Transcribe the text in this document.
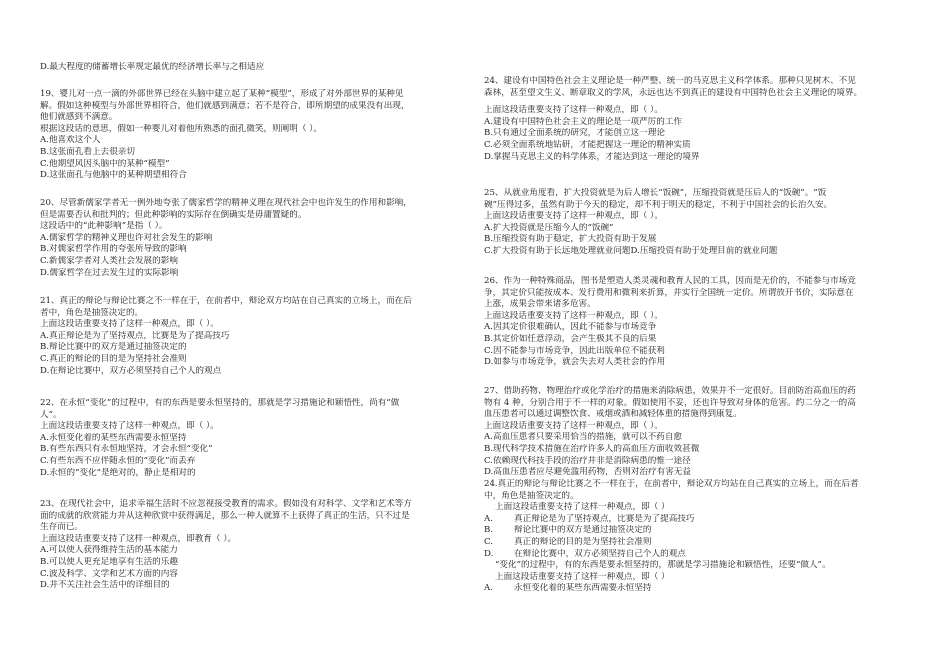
D.最大程度的储蓄增长率规定最优的经济增长率与之相适应
19、婴儿对一点一滴的外部世界已经在头脑中建立起了某种“模型”，形成了对外部世界的某种见
解。假如这种模型与外部世界相符合，他们就感到满意；若不是符合，即所期望的成果没有出现，
他们就感到不满意。
根据这段话的意思，假如一种婴儿对着他所熟悉的面孔微笑，则阐明（ ）。
A.他喜欢这个人
B.这张面孔看上去很亲切
C.他期望风因头脑中的某种“模型”
D.这张面孔与他脑中的某种期望相符合
20、尽管新儒家学者无一例外地夸张了儒家哲学的精神义理在现代社会中也许发生的作用和影响，
但是需要否认和批判的；但此种影响的实际存在倒确实是毋庸置疑的。
这段话中的“此种影响”是指（ ）。
A.儒家哲学的精神义理也许对社会发生的影响
B.对儒家哲学作用的夸张所导致的影响
C.新儒家学者对人类社会发展的影响
D.儒家哲学在过去发生过的实际影响
21、真正的辩论与辩论比赛之不一样在于，在前者中，辩论双方均站在自己真实的立场上，而在后
者中，角色是抽签决定的。
上面这段话重要支持了这样一种观点，即（ ）。
A.真正辩论是为了坚持观点，比赛是为了提高技巧
B.辩论比赛中的双方是通过抽签决定的
C.真正的辩论的目的是为坚持社会准则
D.在辩论比赛中，双方必须坚持自己个人的观点
22、在永恒“变化”的过程中，有的东西是要永恒坚持的，那就是学习措施论和颖悟性，尚有“做
人”。
上面这段话重要支持了这样一种观点，即（ ）。
A.永恒变化着的某些东西需要永恒坚持
B.有些东西只有永恒地坚持，才会永恒“变化”
C.有些东西不应伴随永恒的“变化”而丢弃
D.永恒的“变化”是绝对的，静止是相对的
23、在现代社会中，追求幸福生活时不应忽视接受教育的需求。假如没有对科学、文学和艺术等方
面的成就的欣赏能力并从这种欣赏中获得满足，那么一种人就算不上获得了真正的生活，只不过是
生存而已。
上面这段话重要支持了这样一种观点，即教育（ ）。
A.可以使人获得维持生活的基本能力
B.可以使人更充足地享有生活的乐趣
C.波及科学、文学和艺术方面的内容
D.并不关注社会生活中的详细目的
24、建设有中国特色社会主义理论是一种严整、统一的马克思主义科学体系。那种只见树木、不见
森林，甚至望文生义、断章取义的学风，永远也达不到真正的建设有中国特色社会主义理论的境界。
上面这段话重要支持了这样一种观点，即（ ）。
A.建设有中国特色社会主义的理论是一项严厉的工作
B.只有通过全面系统的研究，才能创立这一理论
C.必须全面系统地钻研，才能把握这一理论的精神实质
D.掌握马克思主义的科学体系，才能达到这一理论的境界
25、从就业角度看，扩大投资就是为后人增长“饭碗”，压缩投资就是压后人的“饭碗”。“饭
碗”压得过多，虽然有助于今天的稳定，却不利于明天的稳定，不利于中国社会的长治久安。
上面这段话重要支持了这样一种观点，即（ ）。
A.扩大投资就是压缩今人的“饭碗”
B.压缩投资有助于稳定，扩大投资有助于发展
C.扩大投资有助于长远地处理就业问题D.压缩投资有助于处理目前的就业问题
26、作为一种特殊商品，图书是塑造人类灵魂和教育人民的工具，因而是无价的，不能参与市场竞
争，其定价只能按成本、发行费用和微利来折算，并实行全国统一定价。所谓放开书价，实际意在
上涨，成果会带来诸多危害。
上面这段话重要支持了这样一种观点，即（ ）。
A.因其定价很难确认，因此不能参与市场竞争
B.其定价如任意浮动，会产生极其不良的后果
C.因不能参与市场竞争，因此出版单位不能获利
D.如参与市场竞争，就会失去对人类社会的作用
27、借助药物、物理治疗或化学治疗的措施来消除病患，效果并不一定很好。目前防治高血压的药
物有 4 种，分别合用于不一样的对象。假如使用不妥，还也许导致对身体的危害。约二分之一的高
血压患者可以通过调整饮食、戒烟或酒和减轻体重的措施得到康复。
上面这段话重要支持了这样一种观点，即（ ）。
A.高血压患者只要采用恰当的措施，就可以不药自愈
B.现代科学技术措施在治疗许多人的高血压方面收效甚微
C.依赖现代科技手段的治疗并非是消除病患的惟一途径
D.高血压患者应尽避免滥用药物，否则对治疗有害无益
24.真正的辩论与辩论比赛之不一样在于，在前者中，辩论双方均站在自己真实的立场上，而在后者
中，角色是抽签决定的。
上面这段话重要支持了这样一种观点，即（ ）
A. 真正辩论是为了坚持观点，比赛是为了提高技巧
B. 辩论比赛中的双方是通过抽签决定的
C. 真正的辩论的目的是为坚持社会准则
D. 在辩论比赛中，双方必须坚持自己个人的观点
“变化”的过程中，有的东西是要永恒坚持的，那就是学习措施论和颖悟性，还要“做人”。
上面这段话重要支持了这样一种观点，即（ ）
A. 永恒变化着的某些东西需要永恒坚持
